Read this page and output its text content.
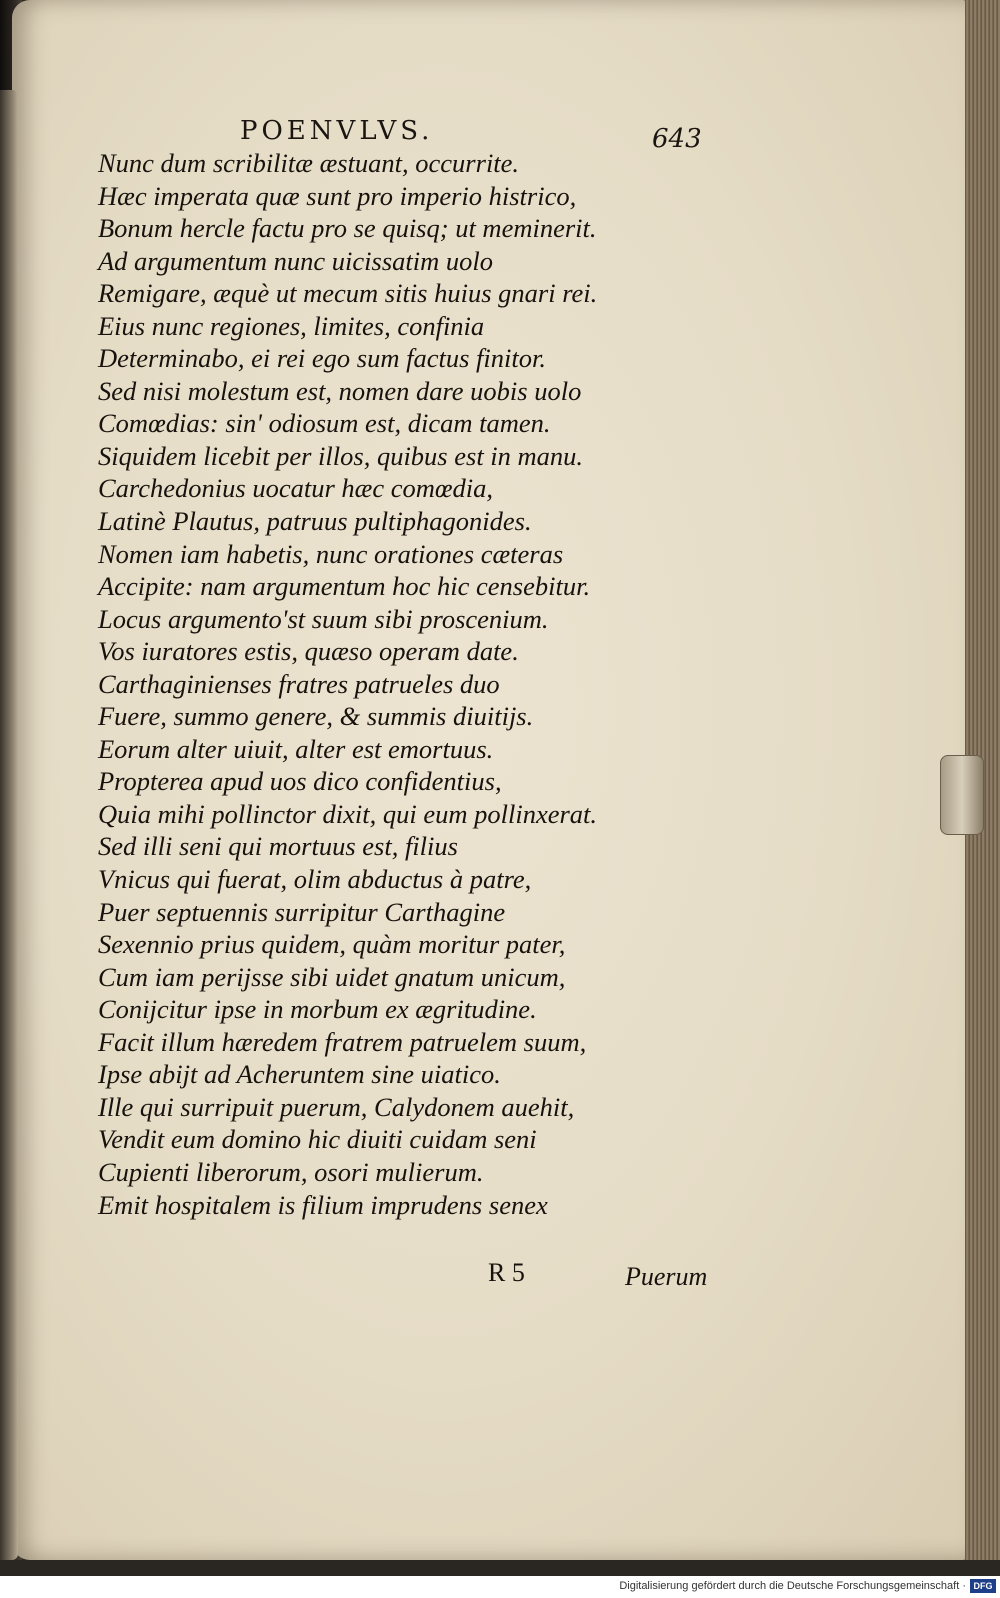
POENVLVS.	643
Nunc dum scribilitæ æstuant, occurrite.
Hæc imperata quæ sunt pro imperio histrico,
Bonum hercle factu pro se quisq; ut meminerit.
Ad argumentum nunc uicissatim uolo
Remigare, æquè ut mecum sitis huius gnari rei.
Eius nunc regiones, limites, confinia
Determinabo, ei rei ego sum factus finitor.
Sed nisi molestum est, nomen dare uobis uolo
Comœdias: sin' odiosum est, dicam tamen.
Siquidem licebit per illos, quibus est in manu.
Carchedonius uocatur hæc comœdia,
Latinè Plautus, patruus pultiphagonides.
Nomen iam habetis, nunc orationes cæteras
Accipite: nam argumentum hoc hic censebitur.
Locus argumento'st suum sibi proscenium.
Vos iuratores estis, quæso operam date.
Carthaginienses fratres patrueles duo
Fuere, summo genere, & summis diuitijs.
Eorum alter uiuit, alter est emortuus.
Propterea apud uos dico confidentius,
Quia mihi pollinctor dixit, qui eum pollinxerat.
Sed illi seni qui mortuus est, filius
Vnicus qui fuerat, olim abductus à patre,
Puer septuennis surripitur Carthagine
Sexennio prius quidem, quàm moritur pater,
Cum iam perijsse sibi uidet gnatum unicum,
Conijcitur ipse in morbum ex ægritudine.
Facit illum hæredem fratrem patruelem suum,
Ipse abijt ad Acheruntem sine uiatico.
Ille qui surripuit puerum, Calydonem auehit,
Vendit eum domino hic diuiti cuidam seni
Cupienti liberorum, osori mulierum.
Emit hospitalem is filium imprudens senex
R 5	Puerum
Digitalisierung gefördert durch die Deutsche Forschungsgemeinschaft · DFG
